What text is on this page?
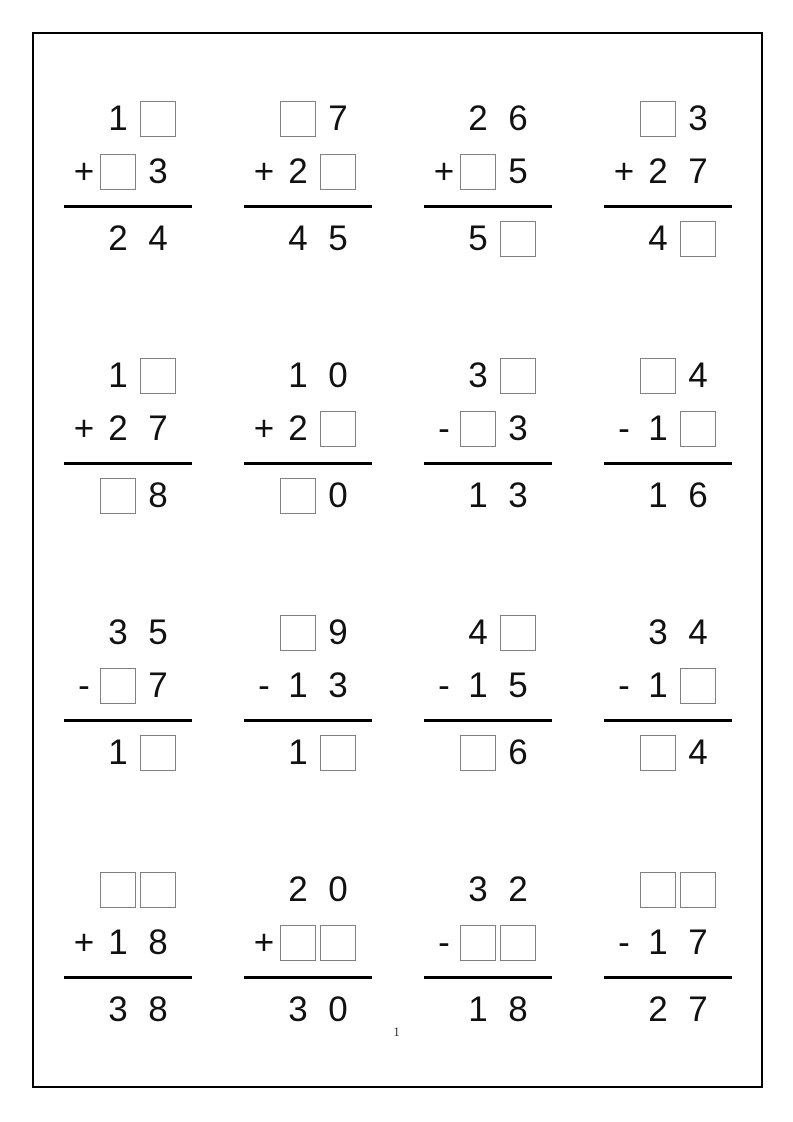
1
+ 3
2 4
7
+ 2
4 5
2 6
+ 5
5
3
+ 2 7
4
1
+ 2 7
8
1 0
+ 2
0
3
- 3
1 3
4
- 1
1 6
3 5
- 7
1
9
- 1 3
1
4
- 1 5
6
3 4
- 1
4
+ 1 8
3 8
2 0
+
3 0
3 2
-
1 8
- 1 7
2 7
1
